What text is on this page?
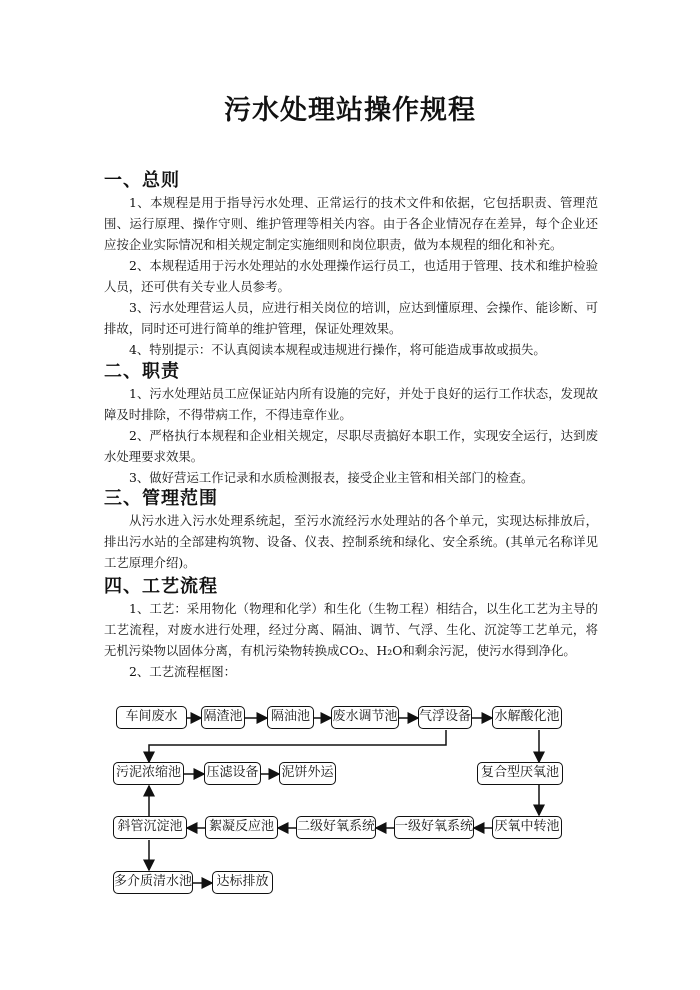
污水处理站操作规程
一、总则
1、本规程是用于指导污水处理、正常运行的技术文件和依据，它包括职责、管理范围、运行原理、操作守则、维护管理等相关内容。由于各企业情况存在差异，每个企业还应按企业实际情况和相关规定制定实施细则和岗位职责，做为本规程的细化和补充。
2、本规程适用于污水处理站的水处理操作运行员工，也适用于管理、技术和维护检验人员，还可供有关专业人员参考。
3、污水处理营运人员，应进行相关岗位的培训，应达到懂原理、会操作、能诊断、可排故，同时还可进行简单的维护管理，保证处理效果。
4、特别提示：不认真阅读本规程或违规进行操作，将可能造成事故或损失。
二、职责
1、污水处理站员工应保证站内所有设施的完好，并处于良好的运行工作状态，发现故障及时排除，不得带病工作，不得违章作业。
2、严格执行本规程和企业相关规定，尽职尽责搞好本职工作，实现安全运行，达到废水处理要求效果。
3、做好营运工作记录和水质检测报表，接受企业主管和相关部门的检查。
三、管理范围
从污水进入污水处理系统起，至污水流经污水处理站的各个单元，实现达标排放后，排出污水站的全部建构筑物、设备、仪表、控制系统和绿化、安全系统。(其单元名称详见工艺原理介绍)。
四、工艺流程
1、工艺：采用物化（物理和化学）和生化（生物工程）相结合，以生化工艺为主导的工艺流程，对废水进行处理，经过分离、隔油、调节、气浮、生化、沉淀等工艺单元，将无机污染物以固体分离，有机污染物转换成CO₂、H₂O和剩余污泥，使污水得到净化。
2、工艺流程框图：
车间废水	隔渣池	隔油池	废水调节池 气浮设备 水解酸化池
复合型厌氧池
厌氧中转池
一级好氧系统
二级好氧系统
絮凝反应池
斜管沉淀池
污泥浓缩池 压滤设备 泥饼外运
多介质清水池	达标排放
